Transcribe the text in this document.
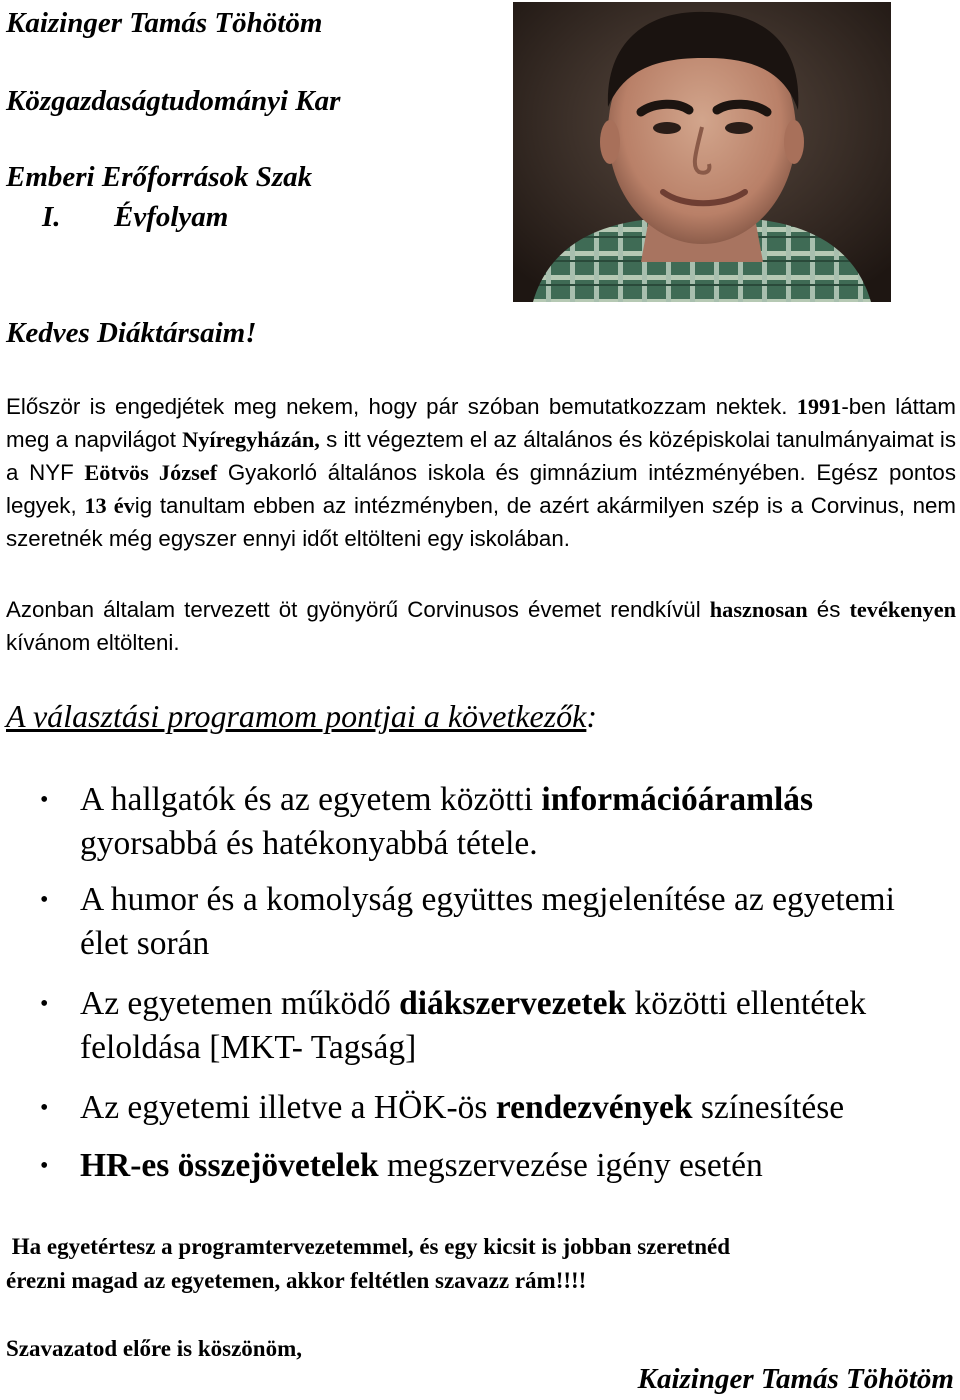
Kaizinger Tamás Töhötöm
Közgazdaságtudományi Kar
Emberi Erőforrások Szak
I. Évfolyam
Kedves Diáktársaim!

Először is engedjétek meg nekem, hogy pár szóban bemutatkozzam nektek. 1991-ben láttam meg a napvilágot Nyíregyházán, s itt végeztem el az általános és középiskolai tanulmányaimat is a NYF Eötvös József Gyakorló általános iskola és gimnázium intézményében. Egész pontos legyek, 13 évig tanultam ebben az intézményben, de azért akármilyen szép is a Corvinus, nem szeretnék még egyszer ennyi időt eltölteni egy iskolában.

Azonban általam tervezett öt gyönyörű Corvinusos évemet rendkívül hasznosan és tevékenyen kívánom eltölteni.

A választási programom pontjai a következők:
• A hallgatók és az egyetem közötti információáramlás gyorsabbá és hatékonyabbá tétele.
• A humor és a komolyság együttes megjelenítése az egyetemi élet során
• Az egyetemen működő diákszervezetek közötti ellentétek feloldása [MKT- Tagság]
• Az egyetemi illetve a HÖK-ös rendezvények színesítése
• HR-es összejövetelek megszervezése igény esetén
Ha egyetértesz a programtervezetemmel, és egy kicsit is jobban szeretnéd
érezni magad az egyetemen, akkor feltétlen szavazz rám!!!!
Szavazatod előre is köszönöm,
Kaizinger Tamás Töhötöm
